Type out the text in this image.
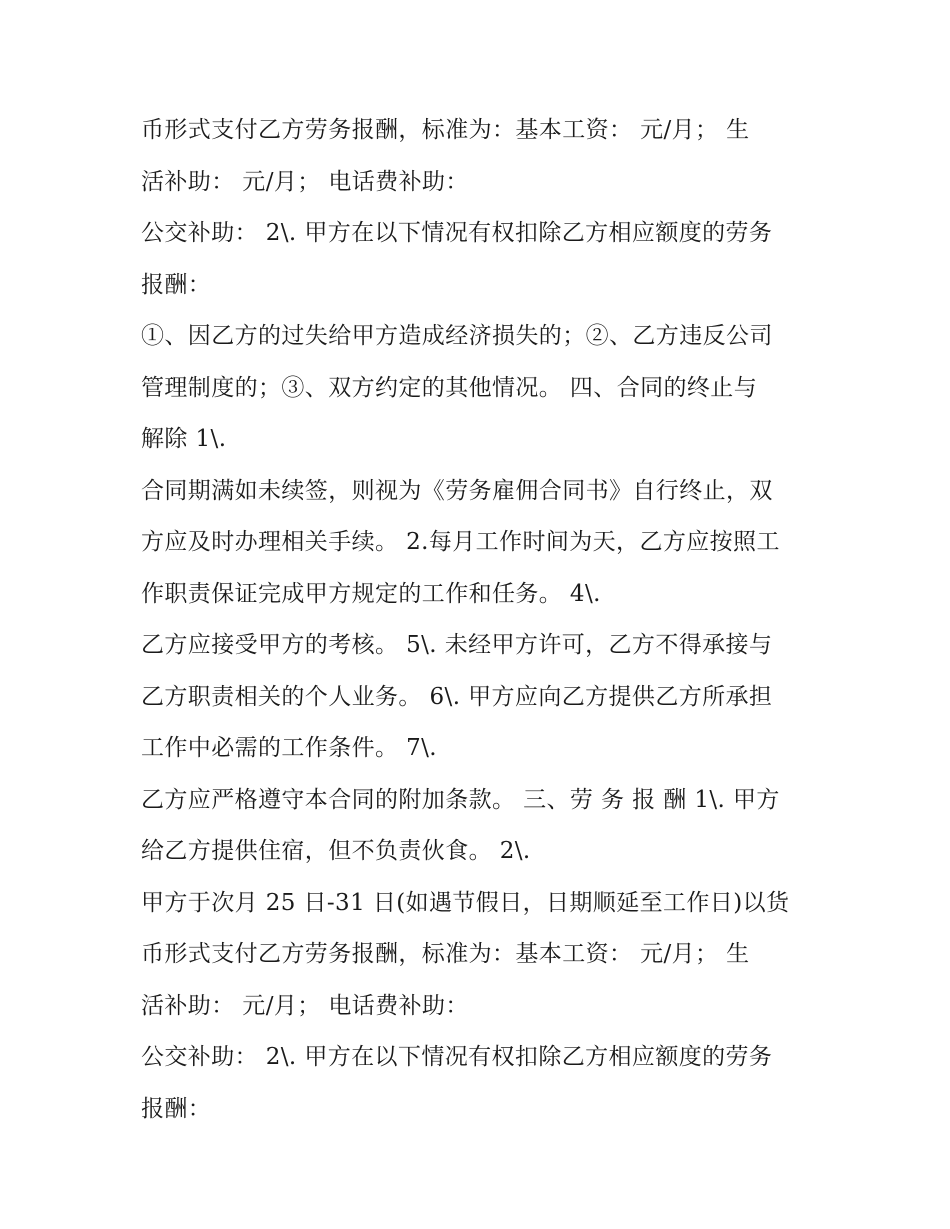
币形式支付乙方劳务报酬，标准为：基本工资： 元/月； 生
活补助： 元/月； 电话费补助：
公交补助： 2\. 甲方在以下情况有权扣除乙方相应额度的劳务
报酬：
①、因乙方的过失给甲方造成经济损失的；②、乙方违反公司
管理制度的；③、双方约定的其他情况。 四、合同的终止与
解除 1\.
合同期满如未续签，则视为《劳务雇佣合同书》自行终止，双
方应及时办理相关手续。 2.每月工作时间为天，乙方应按照工
作职责保证完成甲方规定的工作和任务。 4\.
乙方应接受甲方的考核。 5\. 未经甲方许可，乙方不得承接与
乙方职责相关的个人业务。 6\. 甲方应向乙方提供乙方所承担
工作中必需的工作条件。 7\.
乙方应严格遵守本合同的附加条款。 三、劳 务 报 酬 1\. 甲方
给乙方提供住宿，但不负责伙食。 2\.
甲方于次月 25 日-31 日(如遇节假日，日期顺延至工作日)以货
币形式支付乙方劳务报酬，标准为：基本工资： 元/月； 生
活补助： 元/月； 电话费补助：
公交补助： 2\. 甲方在以下情况有权扣除乙方相应额度的劳务
报酬：
